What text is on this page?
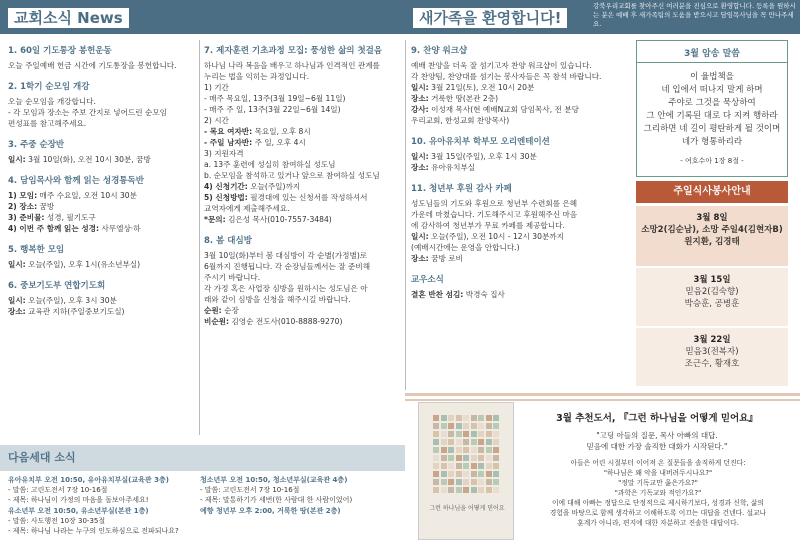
교회소식 News	새가족을 환영합니다!
강북우리교회를 찾아주신 여러분을 진심으로 환영합니다. 등록을 원하시는 분은 예배 후 새가족팀의 도움을 받으시고 담임목사님을 꼭 만나주세요.
1. 60일 기도통장 봉헌운동
오늘 주일예배 헌금 시간에 기도통장을 봉헌합니다.
2. 1학기 순모임 개강
오늘 순모임을 개강합니다.
- 각 모임과 장소는 주보 간지로 넣어드린 순모임
편성표를 참고해주세요.
3. 주중 순장반
일시: 3월 10일(화), 오전 10시 30분, 꿈방
4. 담임목사와 함께 읽는 성경통독반
1) 모임: 매주 수요일, 오전 10시 30분
2) 장소: 꿈방
3) 준비물: 성경, 필기도구
4) 이번 주 함께 읽는 성경: 사무엘상·하
5. 행복한 모임
일시: 오늘(주일), 오후 1시(유소년부실)
6. 중보기도부 연합기도회
일시: 오늘(주일), 오후 3시 30분
장소: 교육관 지하(주일중보기도실)
7. 제자훈련 기초과정 모집: 풍성한 삶의 첫걸음
하나님 나라 복음을 배우고 하나님과 인격적인 관계를
누리는 법을 익히는 과정입니다.
1) 기간
- 매주 목요일, 13주(3월 19일~6월 11일)
- 매주 주 일, 13주(3월 22일~6월 14일)
2) 시간
- 목요 여자반: 목요일, 오후 8시
- 주일 남자반: 주 일, 오후 4시
3) 지원자격
a. 13주 훈련에 성실히 참여하실 성도님
b. 순모임을 참석하고 있거나 앞으로 참여하실 성도님
4) 신청기간: 오늘(주일)까지
5) 신청방법: 필경대에 있는 신청서를 작성하셔서
교역자에게 제출해주세요.
*문의: 김은성 목사(010-7557-3484)
8. 봄 대심방
3월 10일(화)부터 봄 대심방이 각 순별(가정별)로
6월까지 진행됩니다. 각 순장님들께서는 잘 준비해
주시기 바랍니다.
각 가정 혹은 사업장 심방을 원하시는 성도님은 아
래와 같이 심방을 신청을 해주시길 바랍니다.
순원: 순장
비순원: 김영순 전도사(010-8888-9270)
9. 찬양 워크샵
예배 찬양을 더욱 잘 섬기고자 찬양 워크샵이 있습니다.
각 찬양팀, 찬양대를 섬기는 봉사자들은 꼭 참석 바랍니다.
일시: 3월 21일(토), 오전 10시 20분
장소: 거룩한 땅(본관 2층)
강사: 이성재 목사(현 예배N교회 담임목사, 전 분당
우리교회, 한성교회 찬양목사)
10. 유아유치부 학부모 오리엔테이션
일시: 3월 15일(주일), 오후 1시 30분
장소: 유아유치부실
11. 청년부 후원 감사 카페
성도님들의 기도와 후원으로 청년부 수련회를 은혜
가운데 마쳤습니다. 기도해주시고 후원해주신 마음
에 감사하여 청년부가 무료 카페를 제공합니다.
일시: 오늘(주일), 오전 10시 - 12시 30분까지
(예배시간에는 운영을 안합니다.)
장소: 꿈방 로비
교우소식
결혼 반찬 섬김: 박경숙 집사
3월 암송 말씀
이 율법책을
네 입에서 떠나지 말게 하며
주야로 그것을 묵상하여
그 안에 기록된 대로 다 지켜 행하라
그리하면 네 길이 평탄하게 될 것이며
네가 형통하리라
- 여호수아 1장 8절 -
주일식사봉사안내
3월 8일
소망2(김순남), 소망 주일4(김현자B)
원지환, 김경태
3월 15일
믿음2(김숙향)
박승훈, 공병훈
3월 22일
믿음3(전복자)
조근수, 황재호
다음세대 소식
유아유치부 오전 10:50, 유아유치부실(교육관 3층)
- 말씀: 고린도전서 7장 10-16절
- 제목: 하나님이 가정의 마음을 돌보아주세요!
유소년부 오전 10:50, 유소년부실(본관 1층)
- 말씀: 사도행전 10장 30-35절
- 제목: 하나님 나라는 누구의 인도하심으로 전파되나요?
청소년부 오전 10:50, 청소년부실(교육관 4층)
- 말씀: 고린도전서 7장 10-16절
- 제목: 말통하기가 세번(한 사람대 한 사람이었어)
예향 청년부 오후 2:00, 거룩한 땅(본관 2층)	그런 하나님을 어떻게 믿어요
3월 추천도서, 『그런 하나님을 어떻게 믿어요』
"고딩 아들의 질문, 목사 아빠의 대답.
믿음에 대한 가장 솔직한 대화가 시작된다."
아들은 어린 시절부터 이어져 온 질문들을 솔직하게 던진다:
"하나님은 왜 악을 내버려두시나요?"
"정말 기독교만 옳은가요?"
"과학은 기독교와 적인가요?"
이에 대해 아빠는 정답으로 단정적으로 제시하기보다, 성경과 신학, 삶의
경험을 바탕으로 함께 생각하고 이해하도록 이끄는 대답을 건넨다. 설교나
훈계가 아니라, 편지에 대한 자분하고 진솔한 대답이다.
